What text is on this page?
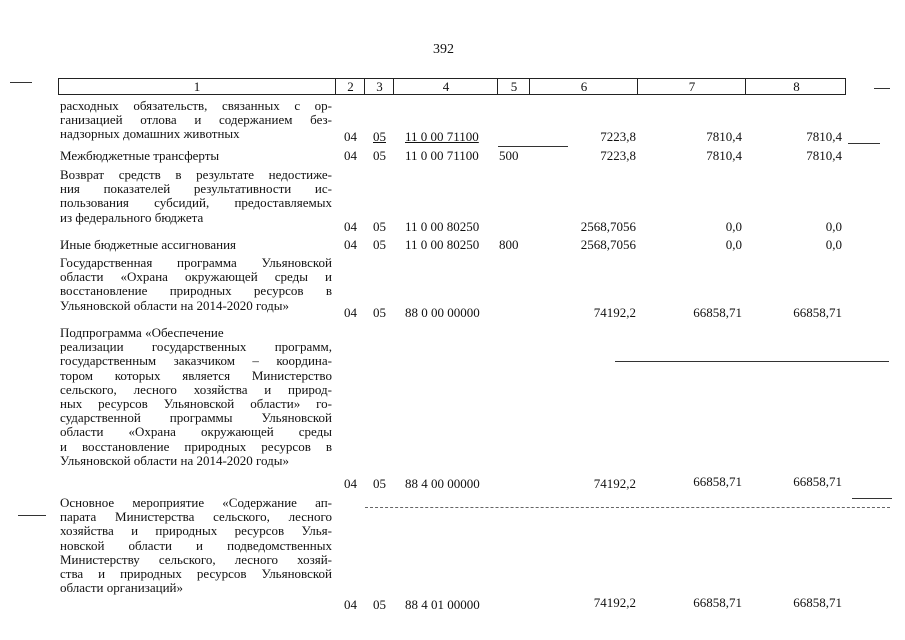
392
1	2	3	4	5	6	7	8
расходных обязательств, связанных с ор-
ганизацией отлова и содержанием без-
надзорных домашних животных	04 05 11 0 00 71100	7223,8	7810,4	7810,4
Межбюджетные трансферты	04 05 11 0 00 71100 500	7223,8	7810,4	7810,4
Возврат средств в результате недостиже-
ния показателей результативности ис-
пользования субсидий, предоставляемых
из федерального бюджета
04 05 11 0 00 80250	2568,7056	0,0	0,0
Иные бюджетные ассигнования	04 05 11 0 00 80250 800	2568,7056	0,0	0,0
Государственная программа Ульяновской
области «Охрана окружающей среды и
восстановление природных ресурсов в
Ульяновской области на 2014-2020 годы»	04 05 88 0 00 00000	74192,2	66858,71	66858,71
Подпрограмма «Обеспечение
реализации государственных программ,
государственным заказчиком – координа-
тором которых является Министерство
сельского, лесного хозяйства и природ-
ных ресурсов Ульяновской области» го-
сударственной программы Ульяновской
области «Охрана окружающей среды
и восстановление природных ресурсов в
Ульяновской области на 2014-2020 годы»
04 05 88 4 00 00000	74192,2	66858,71	66858,71
Основное мероприятие «Содержание ап-
парата Министерства сельского, лесного
хозяйства и природных ресурсов Улья-
новской области и подведомственных
Министерству сельского, лесного хозяй-
ства и природных ресурсов Ульяновской
области организаций»
04 05 88 4 01 00000	74192,2	66858,71	66858,71
